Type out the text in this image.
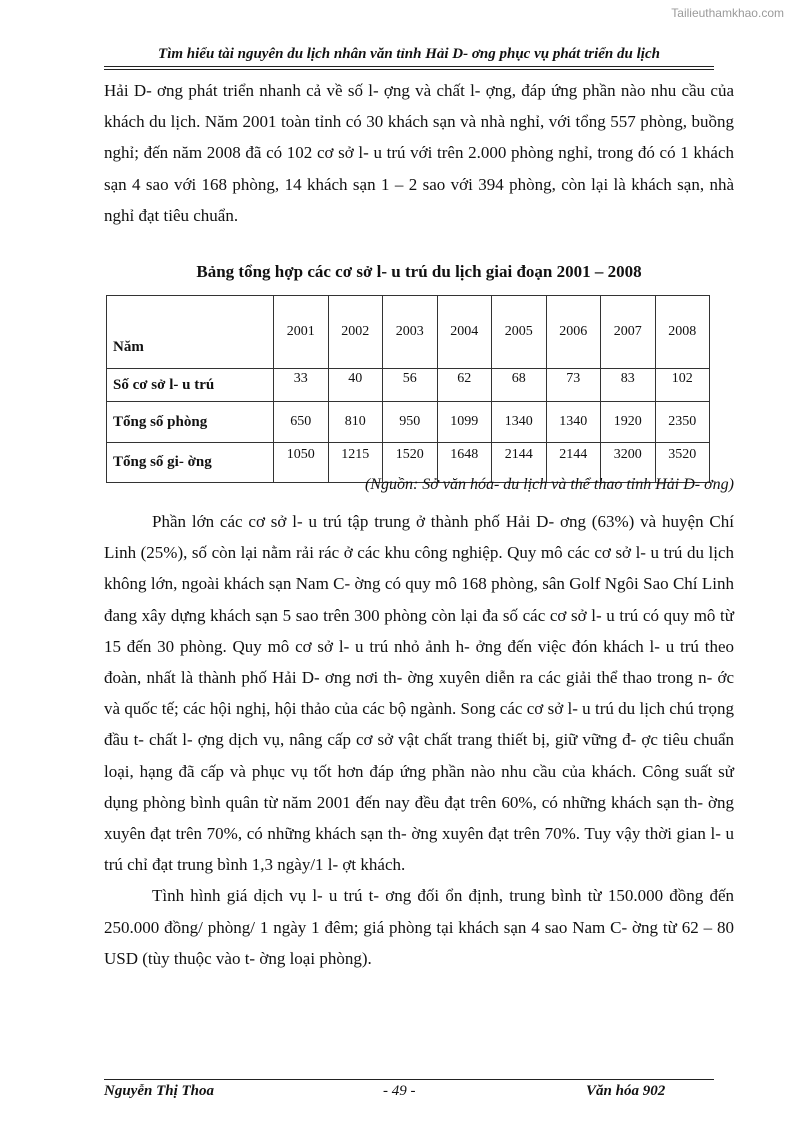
Tailieuthamkhao.com
Tìm hiểu tài nguyên du lịch nhân văn tỉnh Hải D- ơng phục vụ phát triển du lịch

Hải D- ơng phát triển nhanh cả về số l- ợng và chất l- ợng, đáp ứng phần nào nhu cầu của khách du lịch. Năm 2001 toàn tỉnh có 30 khách sạn và nhà nghỉ, với tổng 557 phòng, buồng nghỉ; đến năm 2008 đã có 102 cơ sở l- u trú với trên 2.000 phòng nghỉ, trong đó có 1 khách sạn 4 sao với 168 phòng, 14 khách sạn 1 – 2 sao với 394 phòng, còn lại là khách sạn, nhà nghỉ đạt tiêu chuẩn.

Bảng tổng hợp các cơ sở l- u trú du lịch giai đoạn 2001 – 2008
Năm	2001	2002	2003	2004	2005	2006	2007	2008
Số cơ sở l- u trú	33	40	56	62	68	73	83	102
Tổng số phòng	650	810	950	1099	1340	1340	1920	2350
Tổng số gi- ờng	1050	1215	1520	1648	2144	2144	3200	3520
(Nguồn: Sở văn hóa- du lịch và thể thao tỉnh Hải D- ơng)

Phần lớn các cơ sở l- u trú tập trung ở thành phố Hải D- ơng (63%) và huyện Chí Linh (25%), số còn lại nằm rải rác ở các khu công nghiệp. Quy mô các cơ sở l- u trú du lịch không lớn, ngoài khách sạn Nam C- ờng có quy mô 168 phòng, sân Golf Ngôi Sao Chí Linh đang xây dựng khách sạn 5 sao trên 300 phòng còn lại đa số các cơ sở l- u trú có quy mô từ 15 đến 30 phòng. Quy mô cơ sở l- u trú nhỏ ảnh h- ởng đến việc đón khách l- u trú theo đoàn, nhất là thành phố Hải D- ơng nơi th- ờng xuyên diễn ra các giải thể thao trong n- ớc và quốc tế; các hội nghị, hội thảo của các bộ ngành. Song các cơ sở l- u trú du lịch chú trọng đầu t- chất l- ợng dịch vụ, nâng cấp cơ sở vật chất trang thiết bị, giữ vững đ- ợc tiêu chuẩn loại, hạng đã cấp và phục vụ tốt hơn đáp ứng phần nào nhu cầu của khách. Công suất sử dụng phòng bình quân từ năm 2001 đến nay đều đạt trên 60%, có những khách sạn th- ờng xuyên đạt trên 70%, có những khách sạn th- ờng xuyên đạt trên 70%. Tuy vậy thời gian l- u trú chỉ đạt trung bình 1,3 ngày/1 l- ợt khách.

Tình hình giá dịch vụ l- u trú t- ơng đối ổn định, trung bình từ 150.000 đồng đến 250.000 đồng/ phòng/ 1 ngày 1 đêm; giá phòng tại khách sạn 4 sao Nam C- ờng từ 62 – 80 USD (tùy thuộc vào t- ờng loại phòng).

Nguyễn Thị Thoa	- 49 -	Văn hóa 902
